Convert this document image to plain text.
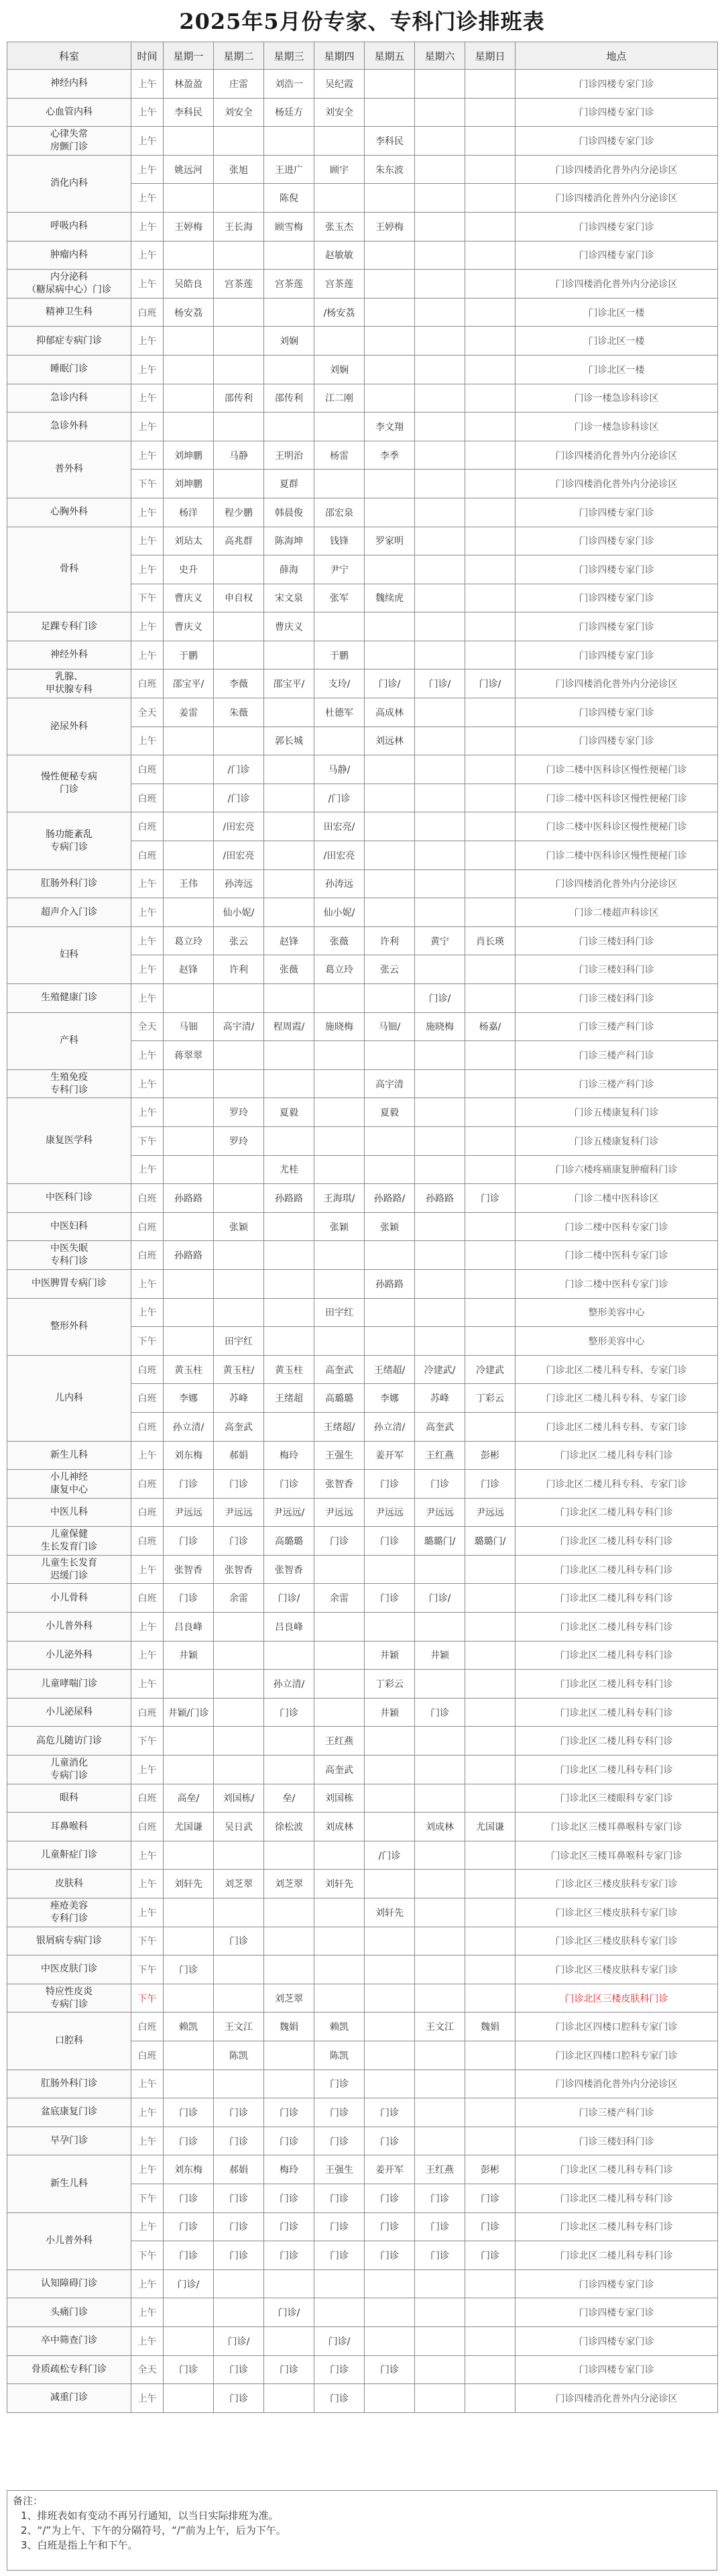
2025年5月份专家、专科门诊排班表
科室	时间	星期一	星期二	星期三	星期四	星期五	星期六	星期日	地点
神经内科	上午	林盈盈	庄雷	刘浩一	吴纪霞				门诊四楼专家门诊
心血管内科	上午	李科民	刘安全	杨廷方	刘安全				门诊四楼专家门诊
心律失常
房颤门诊	上午					李科民			门诊四楼专家门诊
消化内科	上午	姚远河	张旭	王进广	顾宇	朱东波			门诊四楼消化普外内分泌诊区
	上午			陈倪					门诊四楼消化普外内分泌诊区
呼吸内科	上午	王婷梅	王长海	顾雪梅	张玉杰	王婷梅			门诊四楼专家门诊
肿瘤内科	上午				赵敏敏				门诊四楼专家门诊
内分泌科
（糖尿病中心）门诊	上午	吴皓良	宫茶莲	宫茶莲	宫茶莲				门诊四楼消化普外内分泌诊区
精神卫生科	白班	杨安荔			/杨安荔				门诊北区一楼
抑郁症专病门诊	上午			刘娴					门诊北区一楼
睡眠门诊	上午				刘娴				门诊北区一楼
急诊内科	上午		邵传利	邵传利	江二刚				门诊一楼急诊科诊区
急诊外科	上午					李文翔			门诊一楼急诊科诊区
普外科	上午	刘坤鹏	马静	王明治	杨雷	李季			门诊四楼消化普外内分泌诊区
	下午	刘坤鹏		夏群					门诊四楼消化普外内分泌诊区
心胸外科	上午	杨洋	程少鹏	韩晨俊	邵宏泉				门诊四楼专家门诊
骨科	上午	刘玷太	高兆群	陈海坤	钱锋	罗家明			门诊四楼专家门诊
	上午	史升		薛海	尹宁				门诊四楼专家门诊
	下午	曹庆义	申自权	宋文泉	张军	魏续虎			门诊四楼专家门诊
足踝专科门诊	上午	曹庆义		曹庆义					门诊四楼专家门诊
神经外科	上午	于鹏			于鹏				门诊四楼专家门诊
乳腺、
甲状腺专科	白班	邵宝平/	李薇	邵宝平/	支玲/	门诊/	门诊/	门诊/	门诊四楼消化普外内分泌诊区
泌尿外科	全天	姜雷	朱薇		杜德军	高成林			门诊四楼专家门诊
	上午			郭长城		刘远林			门诊四楼专家门诊
慢性便秘专病
门诊	白班		/门诊		马静/				门诊二楼中医科诊区慢性便秘门诊
	白班		/门诊		/门诊				门诊二楼中医科诊区慢性便秘门诊
肠功能紊乱
专病门诊	白班		/田宏亮		田宏亮/				门诊二楼中医科诊区慢性便秘门诊
	白班		/田宏亮		/田宏亮				门诊二楼中医科诊区慢性便秘门诊
肛肠外科门诊	上午	王伟	孙涛远		孙涛远				门诊四楼消化普外内分泌诊区
超声介入门诊	上午		仙小妮/		仙小妮/				门诊二楼超声科诊区
妇科	上午	葛立玲	张云	赵锋	张薇	许利	黄宁	肖长瑛	门诊三楼妇科门诊
	上午	赵锋	许利	张薇	葛立玲	张云			门诊三楼妇科门诊
生殖健康门诊	上午						门诊/		门诊三楼妇科门诊
产科	全天	马钿	高宇清/	程周霞/	施晓梅	马钿/	施晓梅	杨嘉/	门诊三楼产科门诊
	上午	蒋翠翠							门诊三楼产科门诊
生殖免疫
专科门诊	上午					高宇清			门诊三楼产科门诊
康复医学科	上午		罗玲	夏毅		夏毅			门诊五楼康复科门诊
	下午		罗玲						门诊五楼康复科门诊
	上午			尤桂					门诊六楼疼痛康复肿瘤科门诊
中医科门诊	白班	孙路路		孙路路	王海琪/	孙路路/	孙路路	门诊	门诊二楼中医科诊区
中医妇科	白班		张颖		张颖	张颖			门诊二楼中医科专家门诊
中医失眠
专科门诊	白班	孙路路							门诊二楼中医科专家门诊
中医脾胃专病门诊	上午					孙路路			门诊二楼中医科专家门诊
整形外科	上午				田宇红				整形美容中心
	下午		田宇红						整形美容中心
儿内科	白班	黄玉柱	黄玉柱/	黄玉柱	高奎武	王绪超/	冷建武/	冷建武	门诊北区二楼儿科专科、专家门诊
	白班	李娜	苏峰	王绪超	高璐璐	李娜	苏峰	丁彩云	门诊北区二楼儿科专科、专家门诊
	白班	孙立清/	高奎武		王绪超/	孙立清/	高奎武		门诊北区二楼儿科专科、专家门诊
新生儿科	上午	刘东梅	郝娟	梅玲	王强生	姜开军	王红燕	彭彬	门诊北区二楼儿科专科门诊
小儿神经
康复中心	白班	门诊	门诊	门诊	张智香	门诊	门诊	门诊	门诊北区二楼儿科专科、专家门诊
中医儿科	白班	尹远远	尹远远	尹远远/	尹远远	尹远远	尹远远	尹远远	门诊北区二楼儿科专科门诊
儿童保健
生长发育门诊	白班	门诊	门诊	高璐璐	门诊	门诊	璐璐门/	璐璐门/	门诊北区二楼儿科专科门诊
儿童生长发育
迟缓门诊	上午	张智香	张智香	张智香					门诊北区二楼儿科专科门诊
小儿骨科	白班	门诊	余雷	门诊/	余雷	门诊	门诊/		门诊北区二楼儿科专科门诊
小儿普外科	上午	吕良峰		吕良峰					门诊北区二楼儿科专科门诊
小儿泌外科	上午	井颖				井颖	井颖		门诊北区二楼儿科专科门诊
儿童哮喘门诊	上午			孙立清/		丁彩云			门诊北区二楼儿科专科门诊
小儿泌尿科	白班	井颖/门诊		门诊		井颖	门诊		门诊北区二楼儿科专科门诊
高危儿随访门诊	下午				王红燕				门诊北区二楼儿科专科门诊
儿童消化
专病门诊	上午				高奎武				门诊北区二楼儿科专科门诊
眼科	白班	高垒/	刘国栋/	垒/	刘国栋				门诊北区三楼眼科专家门诊
耳鼻喉科	白班	尤国谦	吴日武	徐松波	刘成林		刘成林	尤国谦	门诊北区三楼耳鼻喉科专家门诊
儿童鼾症门诊	上午					/门诊			门诊北区三楼耳鼻喉科专家门诊
皮肤科	上午	刘轩先	刘芝翠	刘芝翠	刘轩先				门诊北区三楼皮肤科专家门诊
痤疮美容
专科门诊	上午					刘轩先			门诊北区三楼皮肤科专家门诊
银屑病专病门诊	下午		门诊						门诊北区三楼皮肤科专家门诊
中医皮肤门诊	下午	门诊							门诊北区三楼皮肤科专家门诊
特应性皮炎
专病门诊	下午			刘芝翠					门诊北区三楼皮肤科门诊
口腔科	白班	赖凯	王文江	魏娟	赖凯		王文江	魏娟	门诊北区四楼口腔科专家门诊
	白班		陈凯		陈凯				门诊北区四楼口腔科专家门诊
肛肠外科门诊	上午				门诊				门诊四楼消化普外内分泌诊区
盆底康复门诊	上午	门诊	门诊	门诊	门诊	门诊			门诊三楼产科门诊
早孕门诊	上午	门诊	门诊	门诊	门诊	门诊			门诊三楼妇科门诊
新生儿科	上午	刘东梅	郝娟	梅玲	王强生	姜开军	王红燕	彭彬	门诊北区二楼儿科专科门诊
	下午	门诊	门诊	门诊	门诊	门诊	门诊	门诊	门诊北区二楼儿科专科门诊
小儿普外科	上午	门诊	门诊	门诊	门诊	门诊	门诊	门诊	门诊北区二楼儿科专科门诊
	下午	门诊	门诊	门诊	门诊	门诊	门诊	门诊	门诊北区二楼儿科专科门诊
认知障碍门诊	上午	门诊/							门诊四楼专家门诊
头痛门诊	上午			门诊/					门诊四楼专家门诊
卒中筛查门诊	上午		门诊/		门诊/				门诊四楼专家门诊
骨质疏松专科门诊	全天	门诊	门诊	门诊	门诊	门诊			门诊四楼专家门诊
减重门诊	上午		门诊		门诊				门诊四楼消化普外内分泌诊区
备注：
1、排班表如有变动不再另行通知，以当日实际排班为准。
2、“/”为上午、下午的分隔符号，“/”前为上午，后为下午。
3、白班是指上午和下午。
